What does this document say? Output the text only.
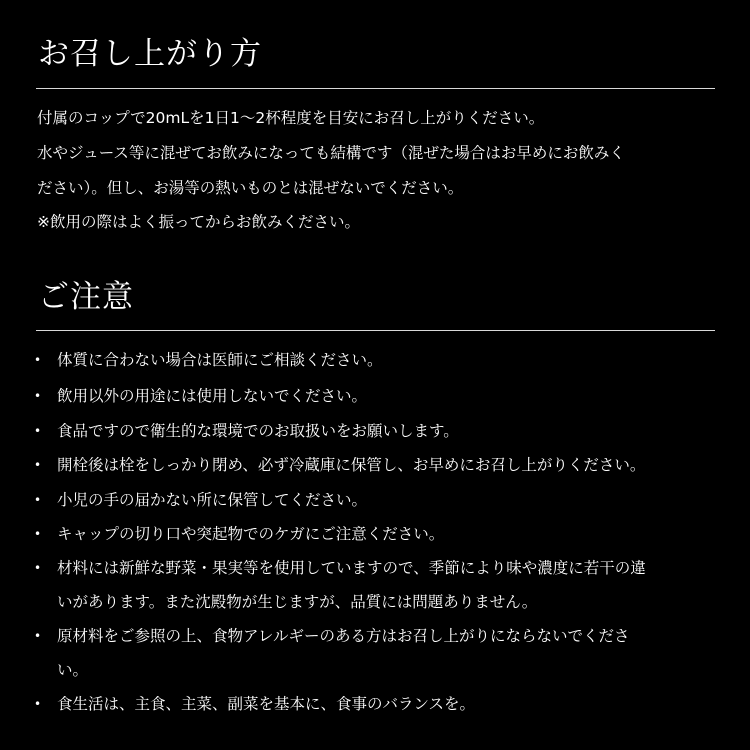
お召し上がり方

付属のコップで20mLを1日1～2杯程度を目安にお召し上がりください。

水やジュース等に混ぜてお飲みになっても結構です（混ぜた場合はお早めにお飲みく

ださい）。但し、お湯等の熱いものとは混ぜないでください。

※飲用の際はよく振ってからお飲みください。

ご注意
• 体質に合わない場合は医師にご相談ください。

• 飲用以外の用途には使用しないでください。

• 食品ですので衛生的な環境でのお取扱いをお願いします。

• 開栓後は栓をしっかり閉め、必ず冷蔵庫に保管し、お早めにお召し上がりください。

• 小児の手の届かない所に保管してください。

• キャップの切り口や突起物でのケガにご注意ください。

• 材料には新鮮な野菜・果実等を使用していますので、季節により味や濃度に若干の違

いがあります。また沈殿物が生じますが、品質には問題ありません。

• 原材料をご参照の上、食物アレルギーのある方はお召し上がりにならないでくださ

い。

• 食生活は、主食、主菜、副菜を基本に、食事のバランスを。
